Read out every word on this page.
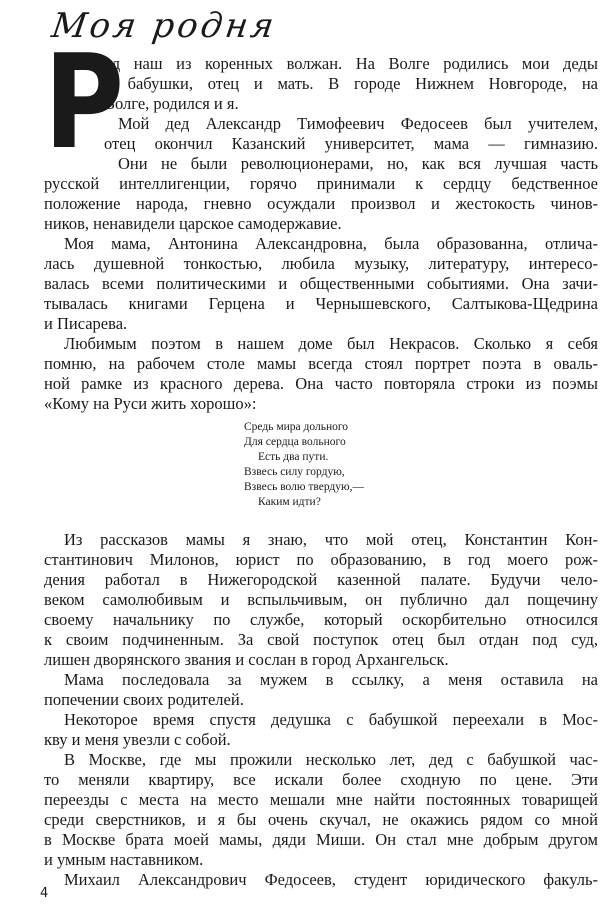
Моя родня
Р
од наш из коренных волжан. На Волге родились мои деды
и бабушки, отец и мать. В городе Нижнем Новгороде, на
Волге, родился и я.
Мой дед Александр Тимофеевич Федосеев был учителем,
отец окончил Казанский университет, мама — гимназию.
Они не были революционерами, но, как вся лучшая часть
русской интеллигенции, горячо принимали к сердцу бедственное
положение народа, гневно осуждали произвол и жестокость чинов-
ников, ненавидели царское самодержавие.
Моя мама, Антонина Александровна, была образованна, отлича-
лась душевной тонкостью, любила музыку, литературу, интересо-
валась всеми политическими и общественными событиями. Она зачи-
тывалась книгами Герцена и Чернышевского, Салтыкова-Щедрина
и Писарева.
Любимым поэтом в нашем доме был Некрасов. Сколько я себя
помню, на рабочем столе мамы всегда стоял портрет поэта в оваль-
ной рамке из красного дерева. Она часто повторяла строки из поэмы
«Кому на Руси жить хорошо»:
Средь мира дольного
Для сердца вольного
Есть два пути.
Взвесь силу гордую,
Взвесь волю твердую,—
Каким идти?
Из рассказов мамы я знаю, что мой отец, Константин Кон-
стантинович Милонов, юрист по образованию, в год моего рож-
дения работал в Нижегородской казенной палате. Будучи чело-
веком самолюбивым и вспыльчивым, он публично дал пощечину
своему начальнику по службе, который оскорбительно относился
к своим подчиненным. За свой поступок отец был отдан под суд,
лишен дворянского звания и сослан в город Архангельск.
Мама последовала за мужем в ссылку, а меня оставила на
попечении своих родителей.
Некоторое время спустя дедушка с бабушкой переехали в Мос-
кву и меня увезли с собой.
В Москве, где мы прожили несколько лет, дед с бабушкой час-
то меняли квартиру, все искали более сходную по цене. Эти
переезды с места на место мешали мне найти постоянных товарищей
среди сверстников, и я бы очень скучал, не окажись рядом со мной
в Москве брата моей мамы, дяди Миши. Он стал мне добрым другом
и умным наставником.
Михаил Александрович Федосеев, студент юридического факуль-
4
